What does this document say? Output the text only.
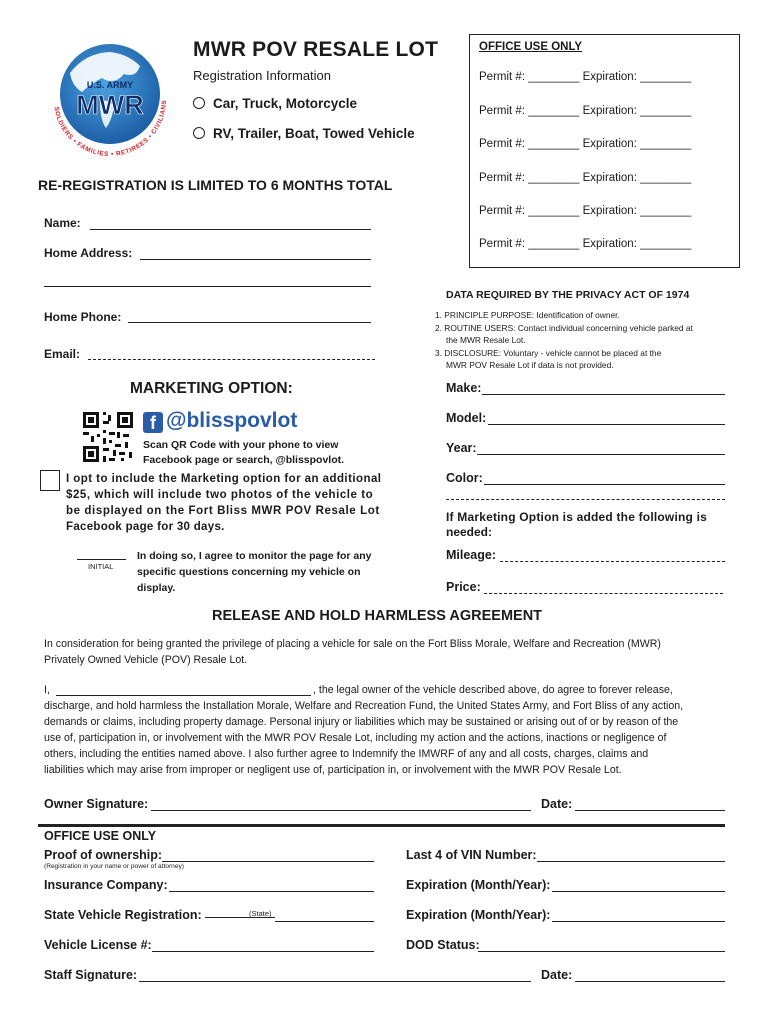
U.S. ARMY
MWR
SOLDIERS • FAMILIES • RETIREES • CIVILIANS
MWR POV RESALE LOT
Registration Information
Car, Truck, Motorcycle
RV, Trailer, Boat, Towed Vehicle
RE-REGISTRATION IS LIMITED TO 6 MONTHS TOTAL
OFFICE USE ONLY
Permit #: ________ Expiration: ________
Permit #: ________ Expiration: ________
Permit #: ________ Expiration: ________
Permit #: ________ Expiration: ________
Permit #: ________ Expiration: ________
Permit #: ________ Expiration: ________
Name:
Home Address:
Home Phone:
Email:
DATA REQUIRED BY THE PRIVACY ACT OF 1974
1. PRINCIPLE PURPOSE: Identification of owner.
2. ROUTINE USERS: Contact individual concerning vehicle parked at
the MWR Resale Lot.
3. DISCLOSURE: Voluntary - vehicle cannot be placed at the
MWR POV Resale Lot if data is not provided.
MARKETING OPTION:
f @blisspovlot
Scan QR Code with your phone to view
Facebook page or search, @blisspovlot.
I opt to include the Marketing option for an additional
$25, which will include two photos of the vehicle to
be displayed on the Fort Bliss MWR POV Resale Lot
Facebook page for 30 days.
INITIAL
In doing so, I agree to monitor the page for any
specific questions concerning my vehicle on
display.
Make:
Model:
Year:
Color:
If Marketing Option is added the following is
needed:
Mileage:
Price:
RELEASE AND HOLD HARMLESS AGREEMENT
In consideration for being granted the privilege of placing a vehicle for sale on the Fort Bliss Morale, Welfare and Recreation (MWR)
Privately Owned Vehicle (POV) Resale Lot.
I,	, the legal owner of the vehicle described above, do agree to forever release,
discharge, and hold harmless the Installation Morale, Welfare and Recreation Fund, the United States Army, and Fort Bliss of any action,
demands or claims, including property damage. Personal injury or liabilities which may be sustained or arising out of or by reason of the
use of, participation in, or involvement with the MWR POV Resale Lot, including my action and the actions, inactions or negligence of
others, including the entities named above. I also further agree to Indemnify the IMWRF of any and all costs, charges, claims and
liabilities which may arise from improper or negligent use of, participation in, or involvement with the MWR POV Resale Lot.
Owner Signature:	Date:
OFFICE USE ONLY
Proof of ownership:
(Registration in your name or power of attorney)
Last 4 of VIN Number:
Insurance Company:	Expiration (Month/Year):
State Vehicle Registration:	(State)	Expiration (Month/Year):
Vehicle License #:	DOD Status:
Staff Signature:	Date:
